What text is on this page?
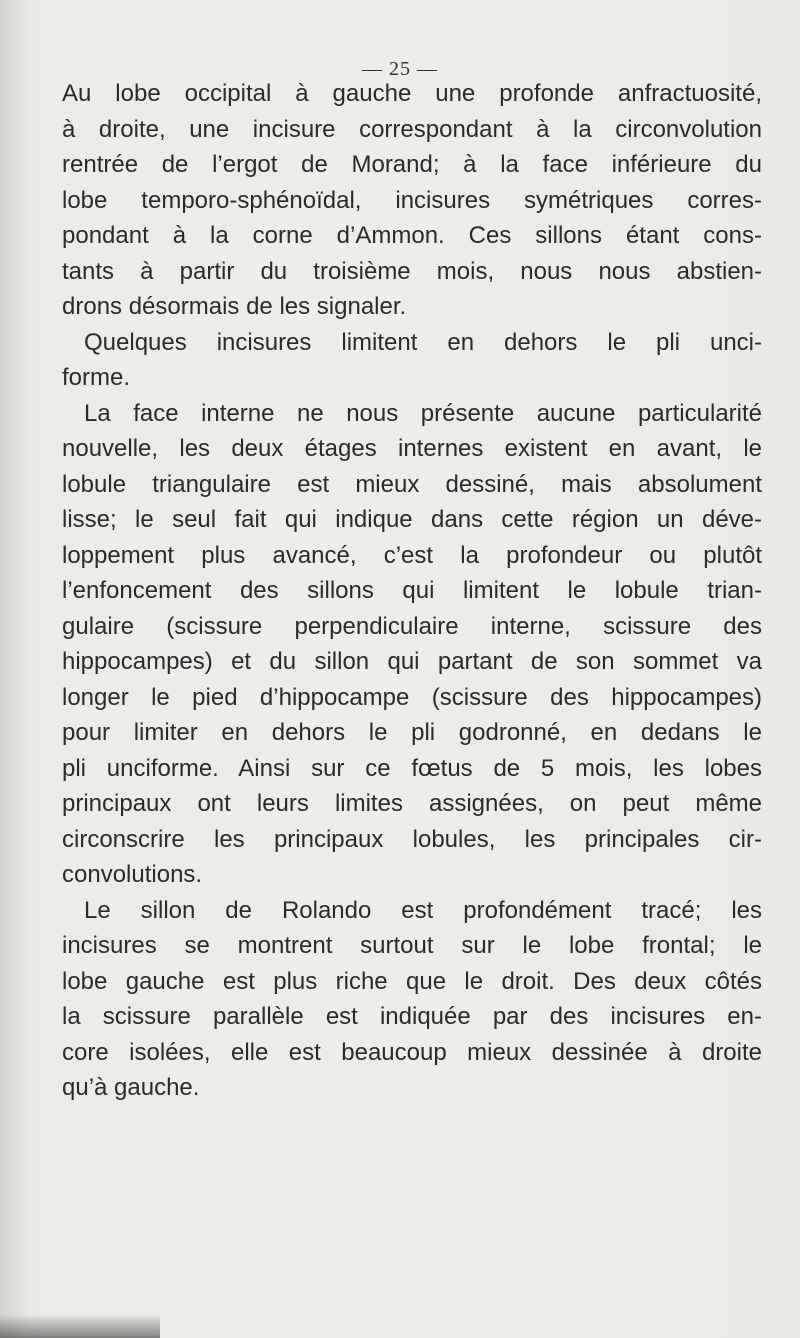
— 25 —
Au lobe occipital à gauche une profonde anfractuosité,
à droite, une incisure correspondant à la circonvolution
rentrée de l’ergot de Morand; à la face inférieure du
lobe temporo-sphénoïdal, incisures symétriques corres-
pondant à la corne d’Ammon. Ces sillons étant cons-
tants à partir du troisième mois, nous nous abstien-
drons désormais de les signaler.
Quelques incisures limitent en dehors le pli unci-
forme.
La face interne ne nous présente aucune particularité
nouvelle, les deux étages internes existent en avant, le
lobule triangulaire est mieux dessiné, mais absolument
lisse; le seul fait qui indique dans cette région un déve-
loppement plus avancé, c’est la profondeur ou plutôt
l’enfoncement des sillons qui limitent le lobule trian-
gulaire (scissure perpendiculaire interne, scissure des
hippocampes) et du sillon qui partant de son sommet va
longer le pied d’hippocampe (scissure des hippocampes)
pour limiter en dehors le pli godronné, en dedans le
pli unciforme. Ainsi sur ce fœtus de 5 mois, les lobes
principaux ont leurs limites assignées, on peut même
circonscrire les principaux lobules, les principales cir-
convolutions.
Le sillon de Rolando est profondément tracé; les
incisures se montrent surtout sur le lobe frontal; le
lobe gauche est plus riche que le droit. Des deux côtés
la scissure parallèle est indiquée par des incisures en-
core isolées, elle est beaucoup mieux dessinée à droite
qu’à gauche.
